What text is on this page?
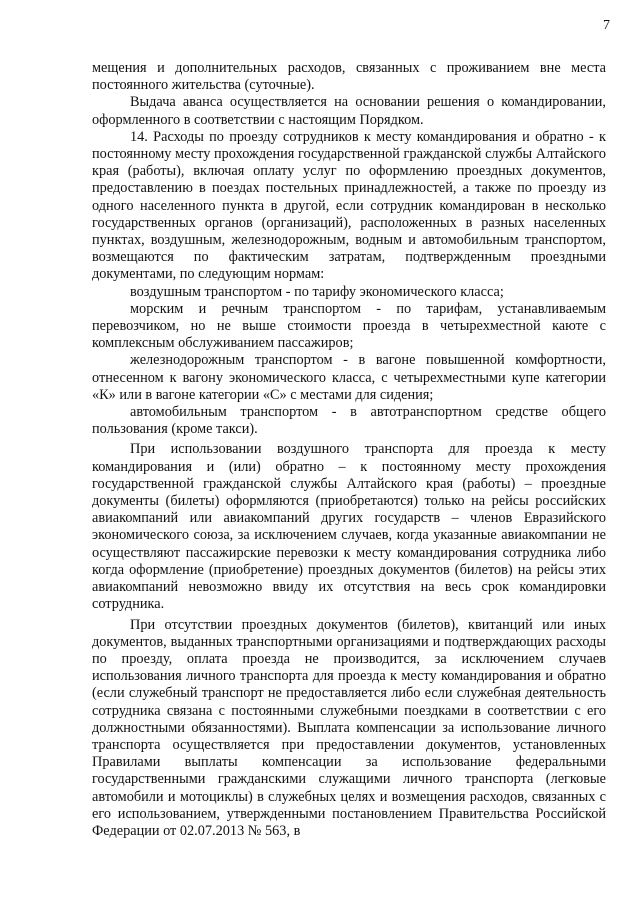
7

мещения и дополнительных расходов, связанных с проживанием вне места постоянного жительства (суточные).

Выдача аванса осуществляется на основании решения о командировании, оформленного в соответствии с настоящим Порядком.

14. Расходы по проезду сотрудников к месту командирования и обратно - к постоянному месту прохождения государственной гражданской службы Алтайского края (работы), включая оплату услуг по оформлению проездных документов, предоставлению в поездах постельных принадлежностей, а также по проезду из одного населенного пункта в другой, если сотрудник командирован в несколько государственных органов (организаций), расположенных в разных населенных пунктах, воздушным, железнодорожным, водным и автомобильным транспортом, возмещаются по фактическим затратам, подтвержденным проездными документами, по следующим нормам:

воздушным транспортом - по тарифу экономического класса;

морским и речным транспортом - по тарифам, устанавливаемым перевозчиком, но не выше стоимости проезда в четырехместной каюте с комплексным обслуживанием пассажиров;

железнодорожным транспортом - в вагоне повышенной комфортности, отнесенном к вагону экономического класса, с четырехместными купе категории «К» или в вагоне категории «С» с местами для сидения;

автомобильным транспортом - в автотранспортном средстве общего пользования (кроме такси).

При использовании воздушного транспорта для проезда к месту командирования и (или) обратно – к постоянному месту прохождения государственной гражданской службы Алтайского края (работы) – проездные документы (билеты) оформляются (приобретаются) только на рейсы российских авиакомпаний или авиакомпаний других государств – членов Евразийского экономического союза, за исключением случаев, когда указанные авиакомпании не осуществляют пассажирские перевозки к месту командирования сотрудника либо когда оформление (приобретение) проездных документов (билетов) на рейсы этих авиакомпаний невозможно ввиду их отсутствия на весь срок командировки сотрудника.

При отсутствии проездных документов (билетов), квитанций или иных документов, выданных транспортными организациями и подтверждающих расходы по проезду, оплата проезда не производится, за исключением случаев использования личного транспорта для проезда к месту командирования и обратно (если служебный транспорт не предоставляется либо если служебная деятельность сотрудника связана с постоянными служебными поездками в соответствии с его должностными обязанностями). Выплата компенсации за использование личного транспорта осуществляется при предоставлении документов, установленных Правилами выплаты компенсации за использование федеральными государственными гражданскими служащими личного транспорта (легковые автомобили и мотоциклы) в служебных целях и возмещения расходов, связанных с его использованием, утвержденными постановлением Правительства Российской Федерации от 02.07.2013 № 563, в
